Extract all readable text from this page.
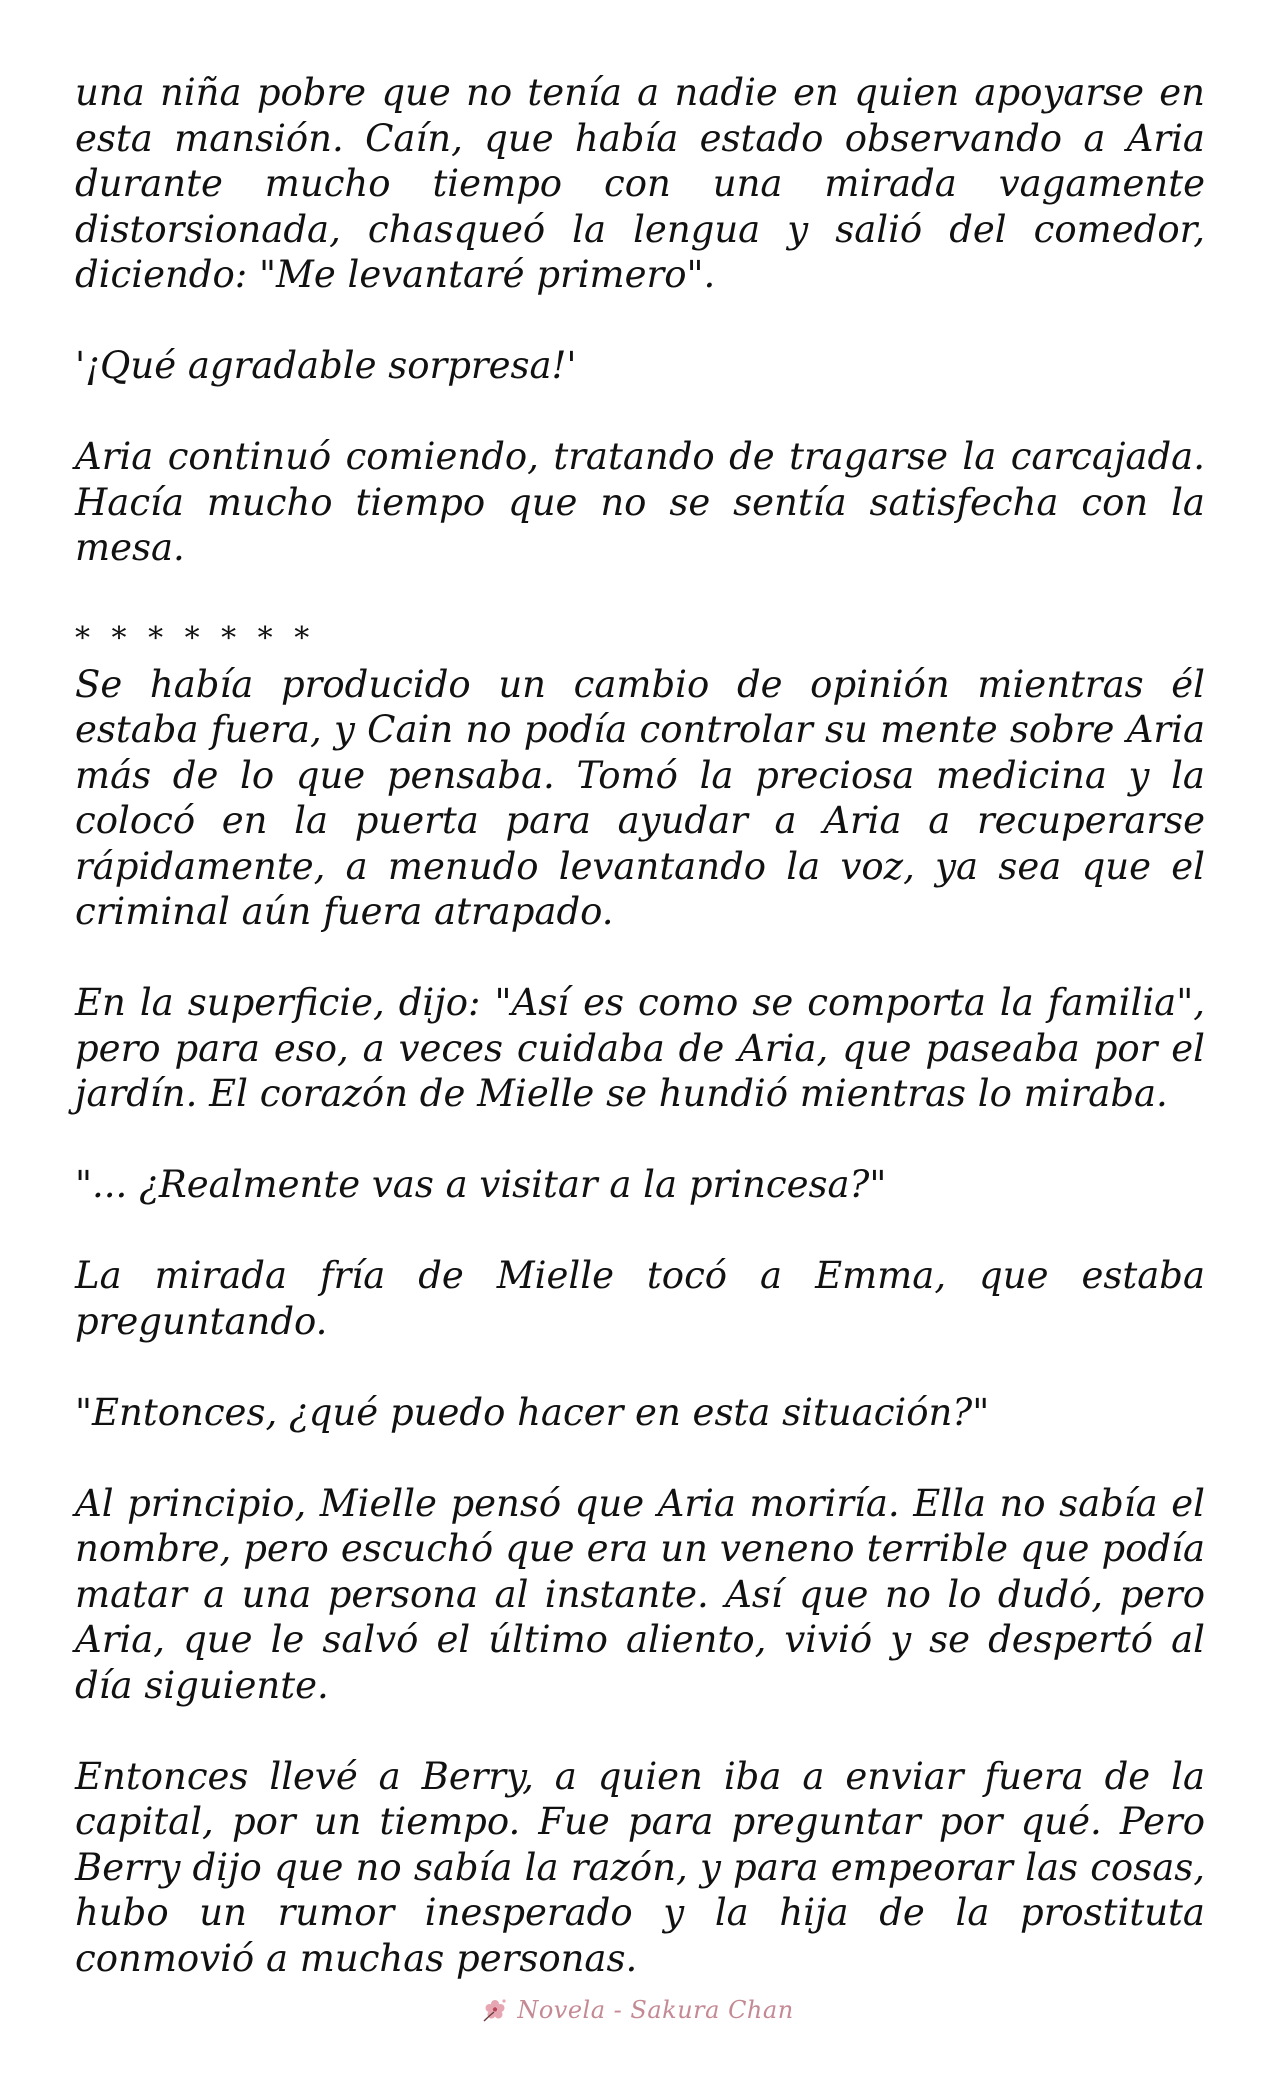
una niña pobre que no tenía a nadie en quien apoyarse en esta mansión. Caín, que había estado observando a Aria durante mucho tiempo con una mirada vagamente distorsionada, chasqueó la lengua y salió del comedor, diciendo: "Me levantaré primero".

'¡Qué agradable sorpresa!'

Aria continuó comiendo, tratando de tragarse la carcajada. Hacía mucho tiempo que no se sentía satisfecha con la mesa.

* * * * * * *

Se había producido un cambio de opinión mientras él estaba fuera, y Cain no podía controlar su mente sobre Aria más de lo que pensaba. Tomó la preciosa medicina y la colocó en la puerta para ayudar a Aria a recuperarse rápidamente, a menudo levantando la voz, ya sea que el criminal aún fuera atrapado.

En la superficie, dijo: "Así es como se comporta la familia", pero para eso, a veces cuidaba de Aria, que paseaba por el jardín. El corazón de Mielle se hundió mientras lo miraba.

"... ¿Realmente vas a visitar a la princesa?"

La mirada fría de Mielle tocó a Emma, que estaba preguntando.

"Entonces, ¿qué puedo hacer en esta situación?"

Al principio, Mielle pensó que Aria moriría. Ella no sabía el nombre, pero escuchó que era un veneno terrible que podía matar a una persona al instante. Así que no lo dudó, pero Aria, que le salvó el último aliento, vivió y se despertó al día siguiente.

Entonces llevé a Berry, a quien iba a enviar fuera de la capital, por un tiempo. Fue para preguntar por qué. Pero Berry dijo que no sabía la razón, y para empeorar las cosas, hubo un rumor inesperado y la hija de la prostituta conmovió a muchas personas.

Novela - Sakura Chan
